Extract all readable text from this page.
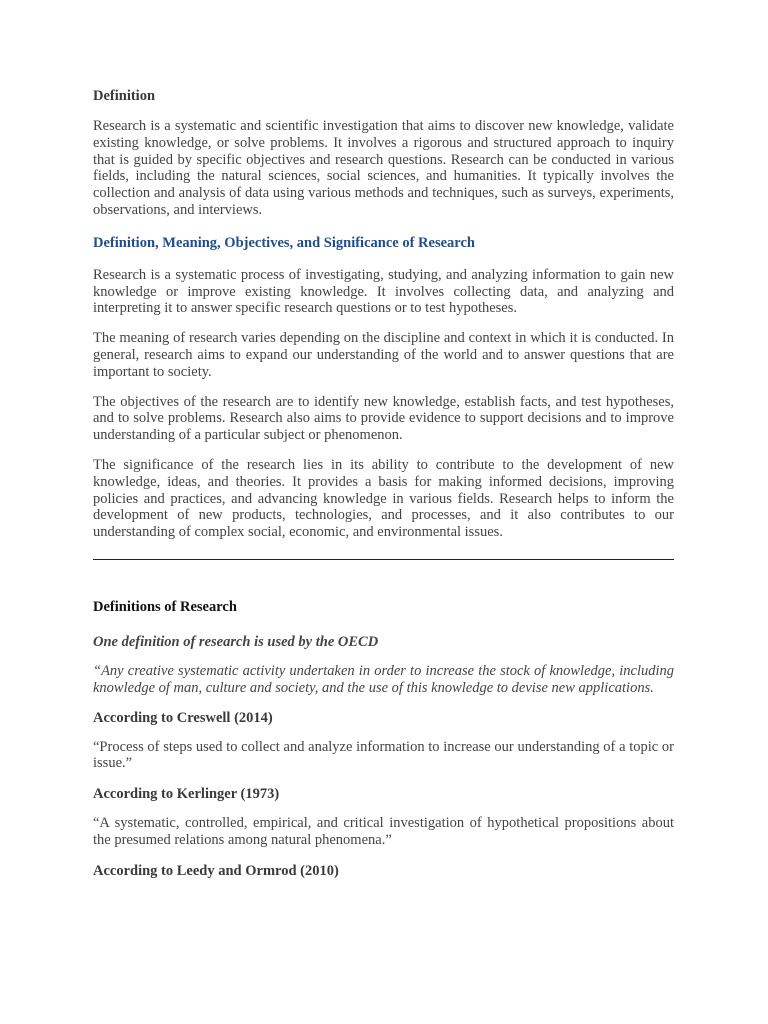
Definition

Research is a systematic and scientific investigation that aims to discover new knowledge, validate existing knowledge, or solve problems. It involves a rigorous and structured approach to inquiry that is guided by specific objectives and research questions. Research can be conducted in various fields, including the natural sciences, social sciences, and humanities. It typically involves the collection and analysis of data using various methods and techniques, such as surveys, experiments, observations, and interviews.

Definition, Meaning, Objectives, and Significance of Research

Research is a systematic process of investigating, studying, and analyzing information to gain new knowledge or improve existing knowledge. It involves collecting data, and analyzing and interpreting it to answer specific research questions or to test hypotheses.

The meaning of research varies depending on the discipline and context in which it is conducted. In general, research aims to expand our understanding of the world and to answer questions that are important to society.

The objectives of the research are to identify new knowledge, establish facts, and test hypotheses, and to solve problems. Research also aims to provide evidence to support decisions and to improve understanding of a particular subject or phenomenon.

The significance of the research lies in its ability to contribute to the development of new knowledge, ideas, and theories. It provides a basis for making informed decisions, improving policies and practices, and advancing knowledge in various fields. Research helps to inform the development of new products, technologies, and processes, and it also contributes to our understanding of complex social, economic, and environmental issues.

Definitions of Research
One definition of research is used by the OECD

“Any creative systematic activity undertaken in order to increase the stock of knowledge, including knowledge of man, culture and society, and the use of this knowledge to devise new applications.

According to Creswell (2014)

“Process of steps used to collect and analyze information to increase our understanding of a topic or issue.”

According to Kerlinger (1973)

“A systematic, controlled, empirical, and critical investigation of hypothetical propositions about the presumed relations among natural phenomena.”

According to Leedy and Ormrod (2010)
